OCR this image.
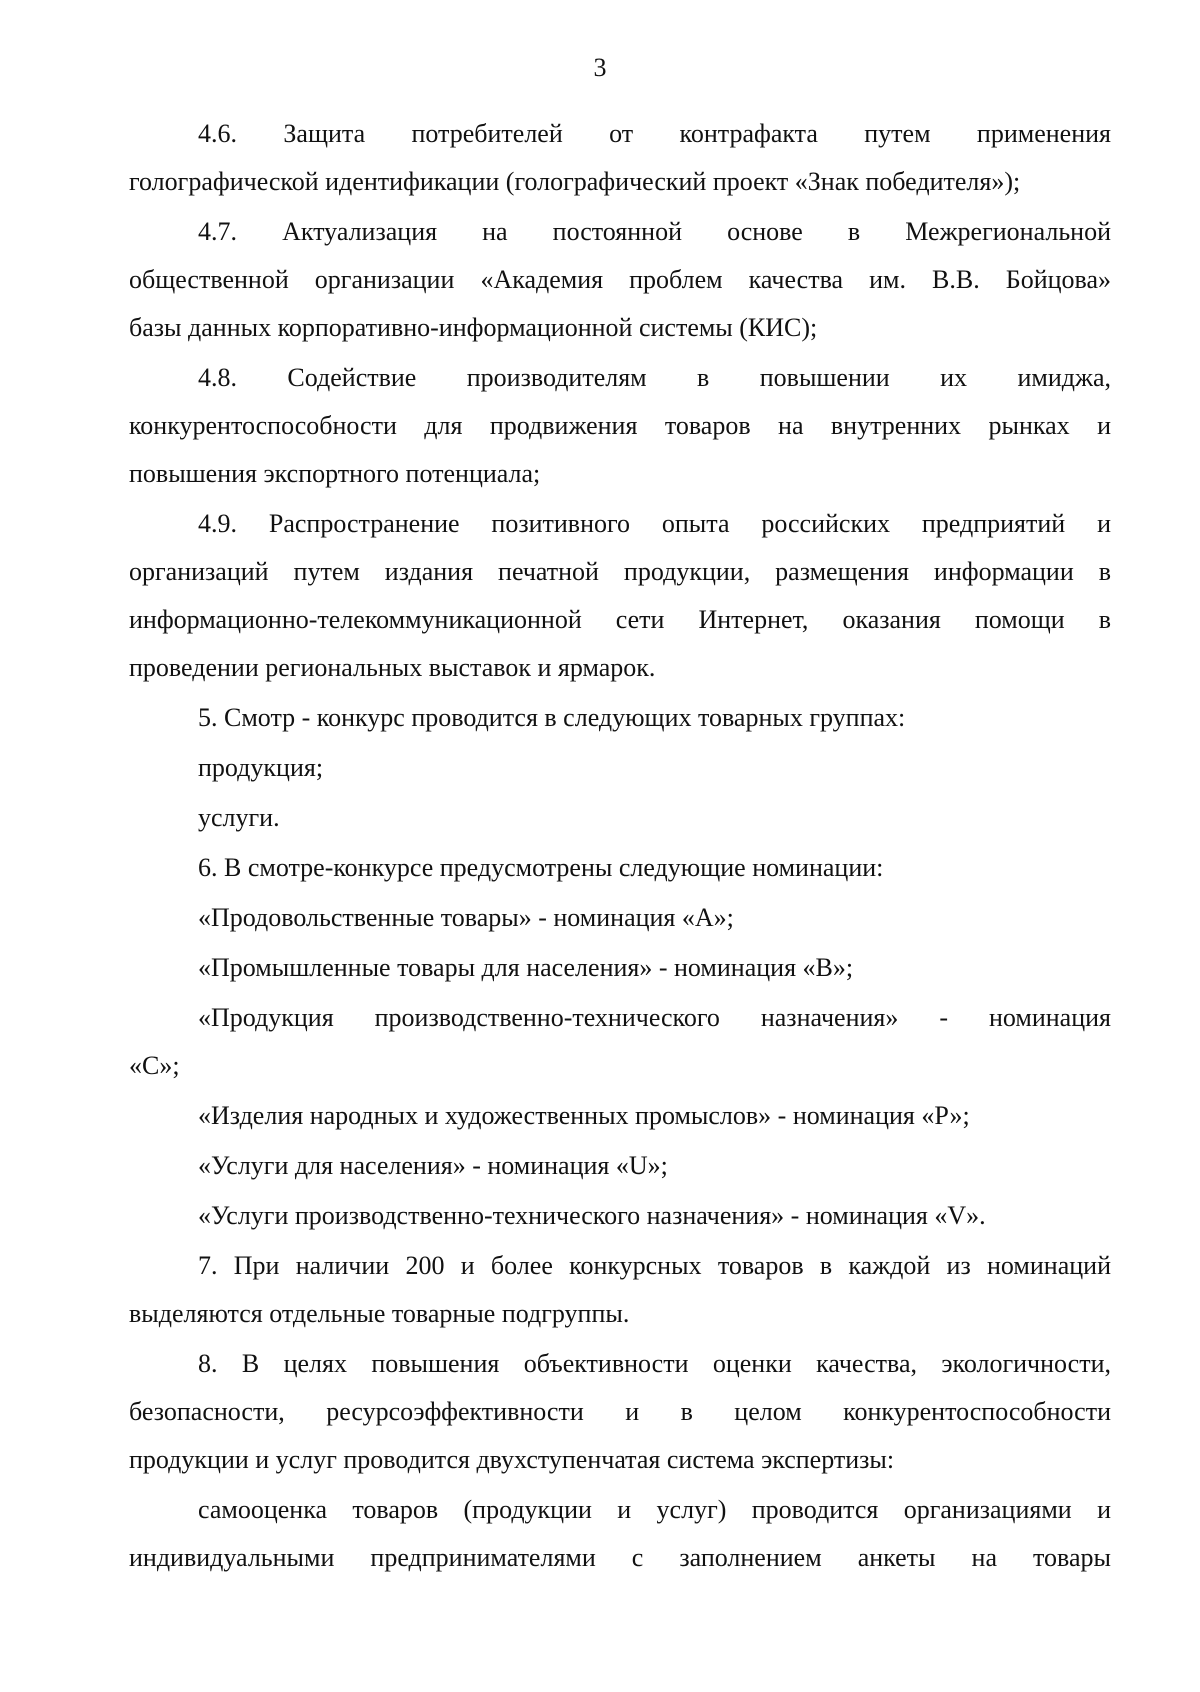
3
4.6. Защита потребителей от контрафакта путем применения
голографической идентификации (голографический проект «Знак победителя»);
4.7. Актуализация на постоянной основе в Межрегиональной
общественной организации «Академия проблем качества им. В.В. Бойцова»
базы данных корпоративно-информационной системы (КИС);
4.8. Содействие производителям в повышении их имиджа,
конкурентоспособности для продвижения товаров на внутренних рынках и
повышения экспортного потенциала;
4.9. Распространение позитивного опыта российских предприятий и
организаций путем издания печатной продукции, размещения информации в
информационно-телекоммуникационной сети Интернет, оказания помощи в
проведении региональных выставок и ярмарок.
5. Смотр - конкурс проводится в следующих товарных группах:
продукция;
услуги.
6. В смотре-конкурсе предусмотрены следующие номинации:
«Продовольственные товары» - номинация «А»;
«Промышленные товары для населения» - номинация «В»;
«Продукция производственно-технического назначения» - номинация
«С»;
«Изделия народных и художественных промыслов» - номинация «Р»;
«Услуги для населения» - номинация «U»;
«Услуги производственно-технического назначения» - номинация «V».
7. При наличии 200 и более конкурсных товаров в каждой из номинаций
выделяются отдельные товарные подгруппы.
8. В целях повышения объективности оценки качества, экологичности,
безопасности, ресурсоэффективности и в целом конкурентоспособности
продукции и услуг проводится двухступенчатая система экспертизы:
самооценка товаров (продукции и услуг) проводится организациями и
индивидуальными предпринимателями с заполнением анкеты на товары
